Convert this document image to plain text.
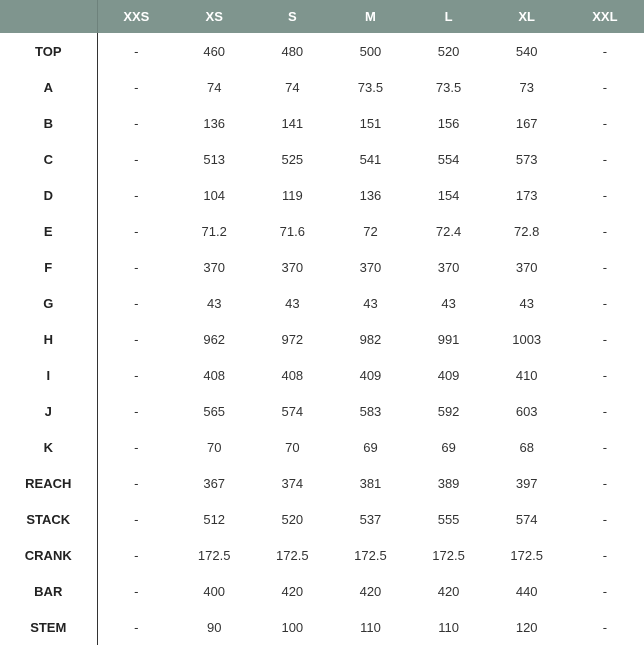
	XXS	XS	S	M	L	XL	XXL
TOP	-	460	480	500	520	540	-
A	-	74	74	73.5	73.5	73	-
B	-	136	141	151	156	167	-
C	-	513	525	541	554	573	-
D	-	104	119	136	154	173	-
E	-	71.2	71.6	72	72.4	72.8	-
F	-	370	370	370	370	370	-
G	-	43	43	43	43	43	-
H	-	962	972	982	991	1003	-
I	-	408	408	409	409	410	-
J	-	565	574	583	592	603	-
K	-	70	70	69	69	68	-
REACH	-	367	374	381	389	397	-
STACK	-	512	520	537	555	574	-
CRANK	-	172.5	172.5	172.5	172.5	172.5	-
BAR	-	400	420	420	420	440	-
STEM	-	90	100	110	110	120	-
